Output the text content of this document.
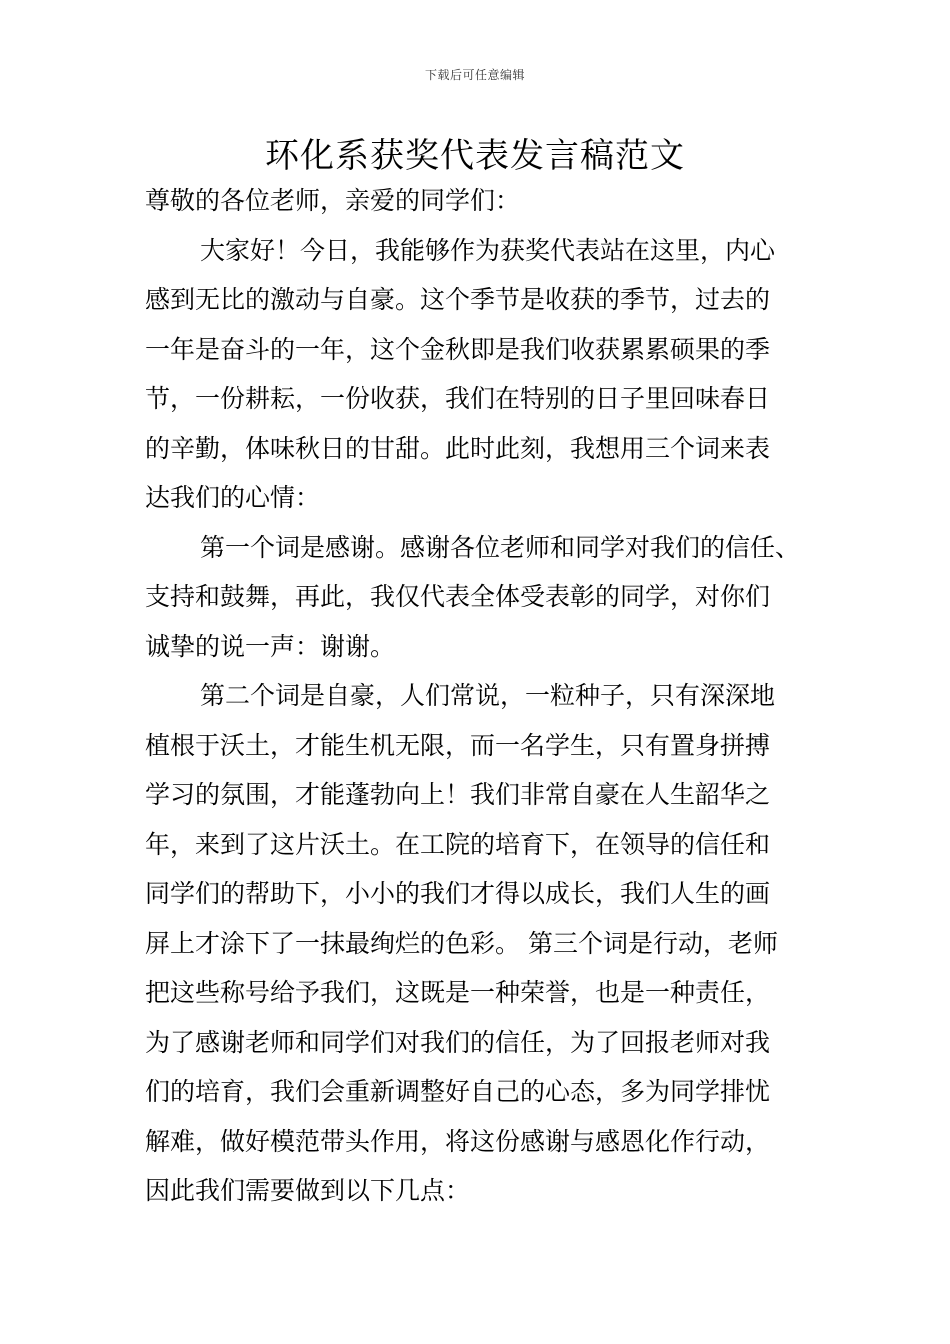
下载后可任意编辑
环化系获奖代表发言稿范文
尊敬的各位老师，亲爱的同学们：
大家好！今日，我能够作为获奖代表站在这里，内心
感到无比的激动与自豪。这个季节是收获的季节，过去的
一年是奋斗的一年，这个金秋即是我们收获累累硕果的季
节，一份耕耘，一份收获，我们在特别的日子里回味春日
的辛勤，体味秋日的甘甜。此时此刻，我想用三个词来表
达我们的心情：
第一个词是感谢。感谢各位老师和同学对我们的信任、
支持和鼓舞，再此，我仅代表全体受表彰的同学，对你们
诚挚的说一声：谢谢。
第二个词是自豪，人们常说，一粒种子，只有深深地
植根于沃土，才能生机无限，而一名学生，只有置身拼搏
学习的氛围，才能蓬勃向上！我们非常自豪在人生韶华之
年，来到了这片沃土。在工院的培育下，在领导的信任和
同学们的帮助下，小小的我们才得以成长，我们人生的画
屏上才涂下了一抹最绚烂的色彩。 第三个词是行动，老师
把这些称号给予我们，这既是一种荣誉，也是一种责任，
为了感谢老师和同学们对我们的信任，为了回报老师对我
们的培育，我们会重新调整好自己的心态，多为同学排忧
解难，做好模范带头作用，将这份感谢与感恩化作行动，
因此我们需要做到以下几点：
